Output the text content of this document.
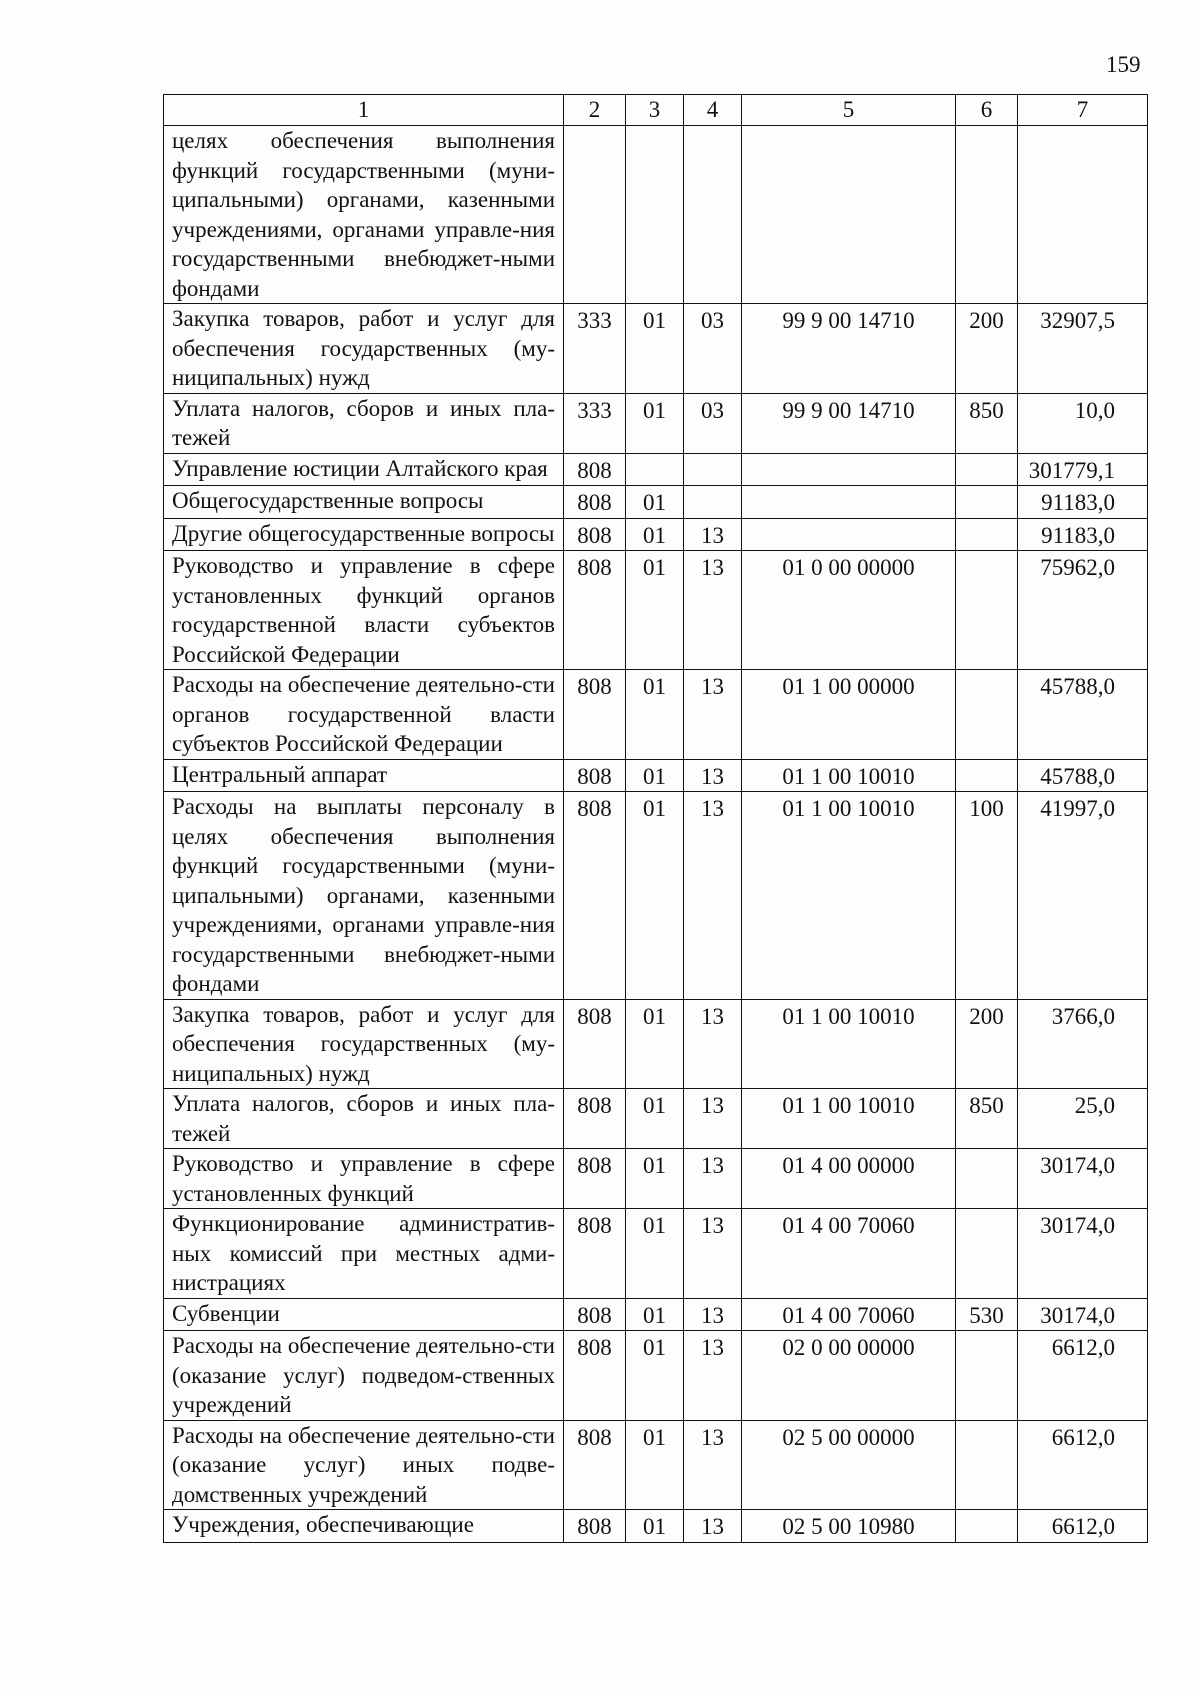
159
1	2	3	4	5	6	7
целях обеспечения выполнения функций государственными (муни-ципальными) органами, казенными учреждениями, органами управле-ния государственными внебюджет-ными фондами						
Закупка товаров, работ и услуг для обеспечения государственных (му-ниципальных) нужд	333	01	03	99 9 00 14710	200	32907,5
Уплата налогов, сборов и иных пла-тежей	333	01	03	99 9 00 14710	850	10,0
Управление юстиции Алтайского края	808					301779,1
Общегосударственные вопросы	808	01				91183,0
Другие общегосударственные вопросы	808	01	13			91183,0
Руководство и управление в сфере установленных функций органов государственной власти субъектов Российской Федерации	808	01	13	01 0 00 00000		75962,0
Расходы на обеспечение деятельно-сти органов государственной власти субъектов Российской Федерации	808	01	13	01 1 00 00000		45788,0
Центральный аппарат	808	01	13	01 1 00 10010		45788,0
Расходы на выплаты персоналу в целях обеспечения выполнения функций государственными (муни-ципальными) органами, казенными учреждениями, органами управле-ния государственными внебюджет-ными фондами	808	01	13	01 1 00 10010	100	41997,0
Закупка товаров, работ и услуг для обеспечения государственных (му-ниципальных) нужд	808	01	13	01 1 00 10010	200	3766,0
Уплата налогов, сборов и иных пла-тежей	808	01	13	01 1 00 10010	850	25,0
Руководство и управление в сфере установленных функций	808	01	13	01 4 00 00000		30174,0
Функционирование административ-ных комиссий при местных адми-нистрациях	808	01	13	01 4 00 70060		30174,0
Субвенции	808	01	13	01 4 00 70060	530	30174,0
Расходы на обеспечение деятельно-сти (оказание услуг) подведом-ственных учреждений	808	01	13	02 0 00 00000		6612,0
Расходы на обеспечение деятельно-сти (оказание услуг) иных подве-домственных учреждений	808	01	13	02 5 00 00000		6612,0
Учреждения, обеспечивающие	808	01	13	02 5 00 10980		6612,0
